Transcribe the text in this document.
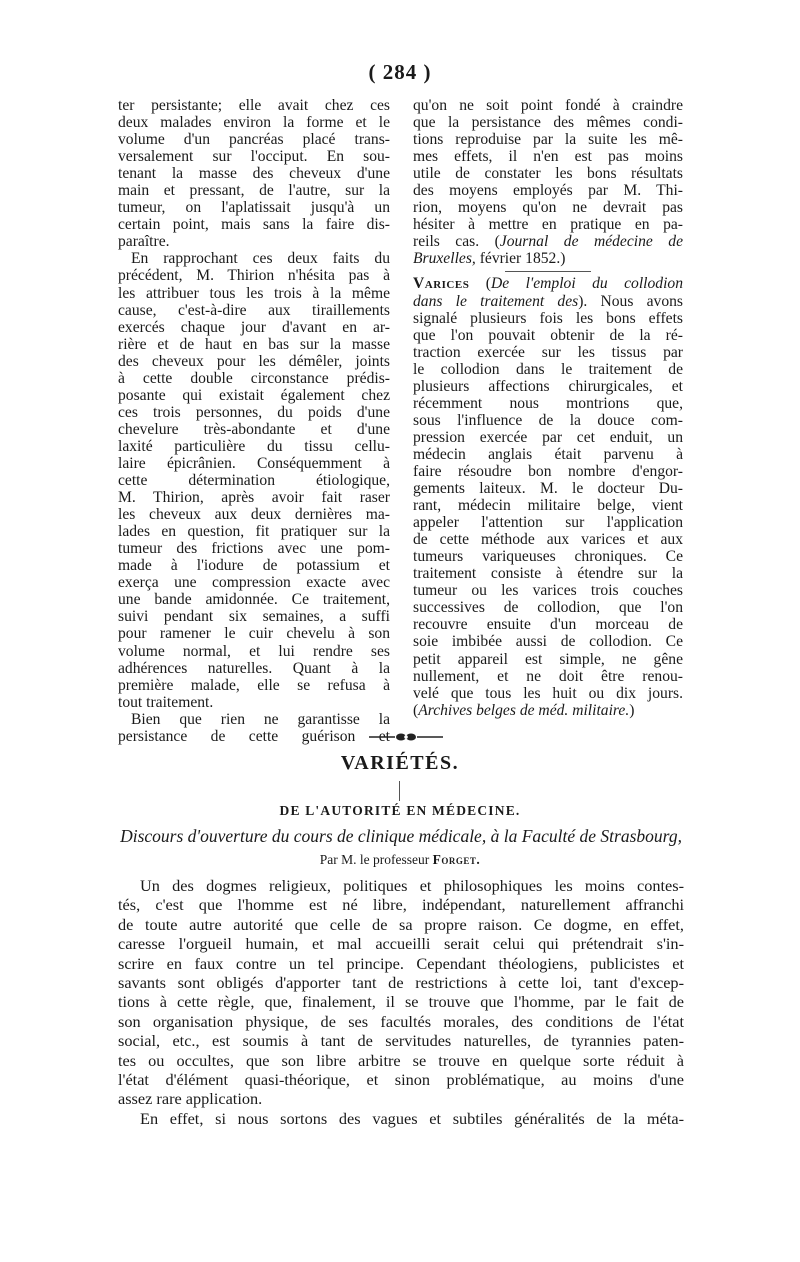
( 284 )
ter persistante; elle avait chez ces
deux malades environ la forme et le
volume d'un pancréas placé trans-
versalement sur l'occiput. En sou-
tenant la masse des cheveux d'une
main et pressant, de l'autre, sur la
tumeur, on l'aplatissait jusqu'à un
certain point, mais sans la faire dis-
paraître.
En rapprochant ces deux faits du
précédent, M. Thirion n'hésita pas à
les attribuer tous les trois à la même
cause, c'est-à-dire aux tiraillements
exercés chaque jour d'avant en ar-
rière et de haut en bas sur la masse
des cheveux pour les démêler, joints
à cette double circonstance prédis-
posante qui existait également chez
ces trois personnes, du poids d'une
chevelure très-abondante et d'une
laxité particulière du tissu cellu-
laire épicrânien. Conséquemment à
cette détermination étiologique,
M. Thirion, après avoir fait raser
les cheveux aux deux dernières ma-
lades en question, fit pratiquer sur la
tumeur des frictions avec une pom-
made à l'iodure de potassium et
exerça une compression exacte avec
une bande amidonnée. Ce traitement,
suivi pendant six semaines, a suffi
pour ramener le cuir chevelu à son
volume normal, et lui rendre ses
adhérences naturelles. Quant à la
première malade, elle se refusa à
tout traitement.
Bien que rien ne garantisse la
persistance de cette guérison et
qu'on ne soit point fondé à craindre
que la persistance des mêmes condi-
tions reproduise par la suite les mê-
mes effets, il n'en est pas moins
utile de constater les bons résultats
des moyens employés par M. Thi-
rion, moyens qu'on ne devrait pas
hésiter à mettre en pratique en pa-
reils cas. (Journal de médecine de
Bruxelles, février 1852.)
Varices (De l'emploi du collodion
dans le traitement des). Nous avons
signalé plusieurs fois les bons effets
que l'on pouvait obtenir de la ré-
traction exercée sur les tissus par
le collodion dans le traitement de
plusieurs affections chirurgicales, et
récemment nous montrions que,
sous l'influence de la douce com-
pression exercée par cet enduit, un
médecin anglais était parvenu à
faire résoudre bon nombre d'engor-
gements laiteux. M. le docteur Du-
rant, médecin militaire belge, vient
appeler l'attention sur l'application
de cette méthode aux varices et aux
tumeurs variqueuses chroniques. Ce
traitement consiste à étendre sur la
tumeur ou les varices trois couches
successives de collodion, que l'on
recouvre ensuite d'un morceau de
soie imbibée aussi de collodion. Ce
petit appareil est simple, ne gêne
nullement, et ne doit être renou-
velé que tous les huit ou dix jours.
(Archives belges de méd. militaire.)
VARIÉTÉS.
DE L'AUTORITÉ EN MÉDECINE.
Discours d'ouverture du cours de clinique médicale, à la Faculté de Strasbourg,
Par M. le professeur Forget.
Un des dogmes religieux, politiques et philosophiques les moins contes-
tés, c'est que l'homme est né libre, indépendant, naturellement affranchi
de toute autre autorité que celle de sa propre raison. Ce dogme, en effet,
caresse l'orgueil humain, et mal accueilli serait celui qui prétendrait s'in-
scrire en faux contre un tel principe. Cependant théologiens, publicistes et
savants sont obligés d'apporter tant de restrictions à cette loi, tant d'excep-
tions à cette règle, que, finalement, il se trouve que l'homme, par le fait de
son organisation physique, de ses facultés morales, des conditions de l'état
social, etc., est soumis à tant de servitudes naturelles, de tyrannies paten-
tes ou occultes, que son libre arbitre se trouve en quelque sorte réduit à
l'état d'élément quasi-théorique, et sinon problématique, au moins d'une
assez rare application.
En effet, si nous sortons des vagues et subtiles généralités de la méta-
